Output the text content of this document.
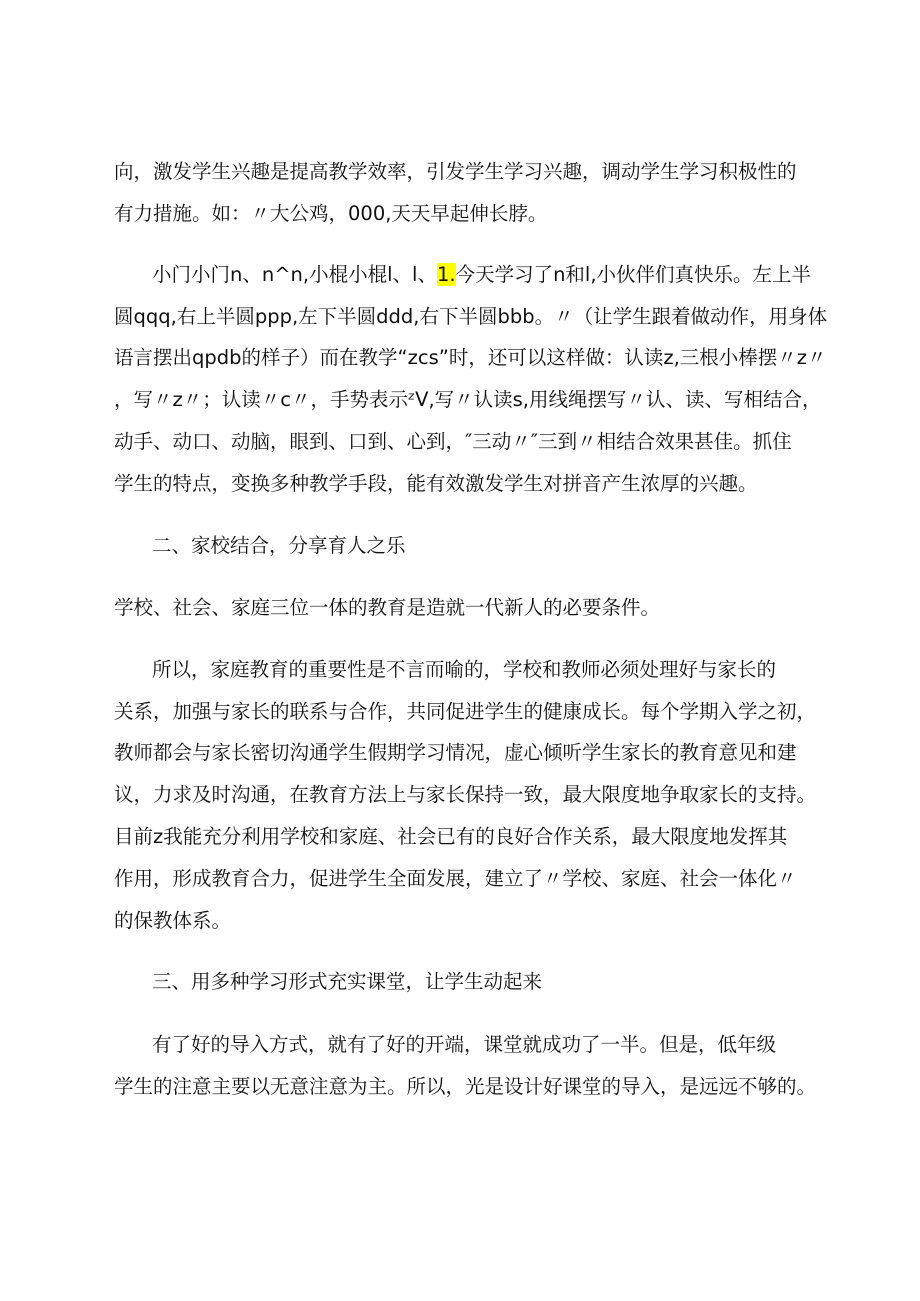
向，激发学生兴趣是提高教学效率，引发学生学习兴趣，调动学生学习积极性的
有力措施。如：〃大公鸡，000,天天早起伸长脖。
小门小门n、n^n,小棍小棍l、l、1.今天学习了n和l,小伙伴们真快乐。左上半
圆qqq,右上半圆ppp,左下半圆ddd,右下半圆bbb。〃（让学生跟着做动作，用身体
语言摆出qpdb的样子）而在教学“zcs”时，还可以这样做：认读z,三根小棒摆〃z〃
，写〃z〃；认读〃c〃，手势表示ᶻV,写〃认读s,用线绳摆写〃认、读、写相结合，
动手、动口、动脑，眼到、口到、心到，″三动〃″三到〃相结合效果甚佳。抓住
学生的特点，变换多种教学手段，能有效激发学生对拼音产生浓厚的兴趣。
二、家校结合，分享育人之乐
学校、社会、家庭三位一体的教育是造就一代新人的必要条件。
所以，家庭教育的重要性是不言而喻的，学校和教师必须处理好与家长的
关系，加强与家长的联系与合作，共同促进学生的健康成长。每个学期入学之初，
教师都会与家长密切沟通学生假期学习情况，虚心倾听学生家长的教育意见和建
议，力求及时沟通，在教育方法上与家长保持一致，最大限度地争取家长的支持。
目前z我能充分利用学校和家庭、社会已有的良好合作关系，最大限度地发挥其
作用，形成教育合力，促进学生全面发展，建立了〃学校、家庭、社会一体化〃
的保教体系。
三、用多种学习形式充实课堂，让学生动起来
有了好的导入方式，就有了好的开端，课堂就成功了一半。但是，低年级
学生的注意主要以无意注意为主。所以，光是设计好课堂的导入，是远远不够的。
